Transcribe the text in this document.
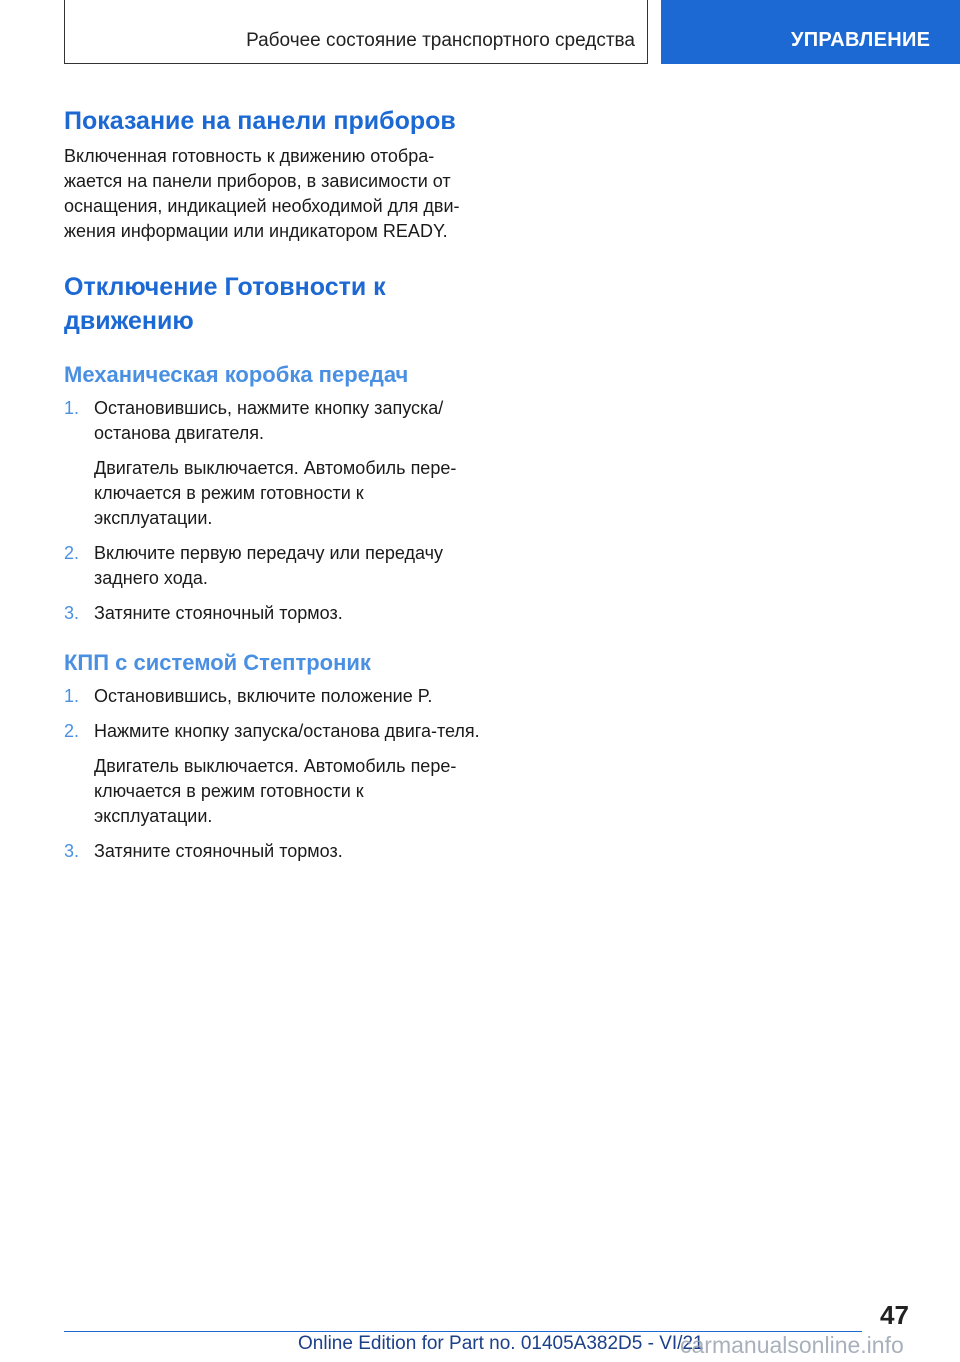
Рабочее состояние транспортного средства	УПРАВЛЕНИЕ
Показание на панели приборов

Включенная готовность к движению отобра-жается на панели приборов, в зависимости от оснащения, индикацией необходимой для дви-жения информации или индикатором READY.

Отключение Готовности к движению
Механическая коробка передач
1. Остановившись, нажмите кнопку запуска/останова двигателя.

Двигатель выключается. Автомобиль пере-ключается в режим готовности к эксплуатации.

2. Включите первую передачу или передачу заднего хода.

3. Затяните стояночный тормоз.

КПП с системой Стептроник
1. Остановившись, включите положение P.

2. Нажмите кнопку запуска/останова двига-теля.

Двигатель выключается. Автомобиль пере-ключается в режим готовности к эксплуатации.

3. Затяните стояночный тормоз.

47
Online Edition for Part no. 01405A382D5 - VI/21
carmanualsonline.info
